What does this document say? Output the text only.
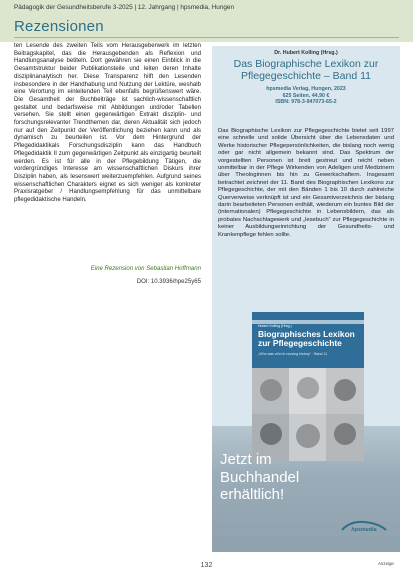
Pädagogik der Gesundheitsberufe 3-2025 | 12. Jahrgang | hpsmedia, Hungen
Rezensionen

ten Lesende des zweiten Teils vom Herausgeberwerk im letzten Beitragskapitel, das die Herausgebenden als Reflexion und Handlungsanalyse betiteln. Dort gewähren sie einen Einblick in die Gesamtstruktur beider Publikationsteile und leiten deren Inhalte disziplinanalytisch her. Diese Transparenz hilft den Lesenden insbesondere in der Handhabung und Nutzung der Lektüre, weshalb eine Verortung im einleitenden Teil ebenfalls begrüßenswert wäre. Die Gesamtheit der Buchbeiträge ist sachlich-wissenschaftlich gestaltet und bedarfsweise mit Abbildungen und/oder Tabellen versehen. Sie stellt einen gegenwärtigen Extrakt disziplin- und forschungsrelevanter Trendthemen dar, deren Aktualität sich jedoch nur auf den Zeitpunkt der Veröffentlichung beziehen kann und als dynamisch zu beurteilen ist. Vor dem Hintergrund der Pflegedidaktikals Forschungsdisziplin kann das Handbuch Pflegedidaktik II zum gegenwärtigen Zeitpunkt als einzigartig beurteilt werden. Es ist für alle in der Pflegebildung Tätigen, die vordergründiges Interesse am wissenschaftlichen Diskurs ihrer Disziplin haben, als lesenswert weiterzuempfehlen. Aufgrund seines wissenschaftlichen Charakters eignet es sich weniger als konkreter Praxisratgeber / Handlungsempfehlung für das unmittelbare pflegedidaktische Handeln.

Eine Rezension von Sebastian Hoffmann
DOI: 10.3936/hpe25y65
Dr. Hubert Kolling (Hrsg.)
Das Biographische Lexikon zur
Pflegegeschichte – Band 11
hpsmedia Verlag, Hungen, 2023
625 Seiten, 44,90 €
ISBN: 978-3-947073-65-2
Das Biographische Lexikon zur Pflegegeschichte bietet seit 1997 eine schnelle und solide Übersicht über die Lebensdaten und Werke historischer Pflegepersönlichkeiten, die bislang noch wenig oder gar nicht allgemein bekannt sind. Das Spektrum der vorgestellten Personen ist breit gestreut und reicht neben unmittelbar in der Pflege Wirkenden von Adeligen und Medizinern über Theologinnen bis hin zu Gewerkschaftern. Insgesamt betrachtet zeichnet der 11. Band des Biographischen Lexikons zur Pflegegeschichte, der mit den Bänden 1 bis 10 durch zahlreiche Querverweise verknüpft ist und ein Gesamtverzeichnis der bislang darin bearbeiteten Personen enthält, wiederum ein buntes Bild der (internationalen) Pflegegeschichte in Lebensbildern, das als probates Nachschlagewerk und „lesebuch“ zur Pflegegeschichte in keiner Ausbildungseinrichtung der Gesundheits- und Krankenpflege fehlen sollte.
Hubert Kolling (Hrsg.)
Biographisches Lexikon
zur Pflegegeschichte
„Who was who in nursing history“ · Band 11
Jetzt im
Buchhandel
erhältlich!
hpsmedia
Anzeige
132
